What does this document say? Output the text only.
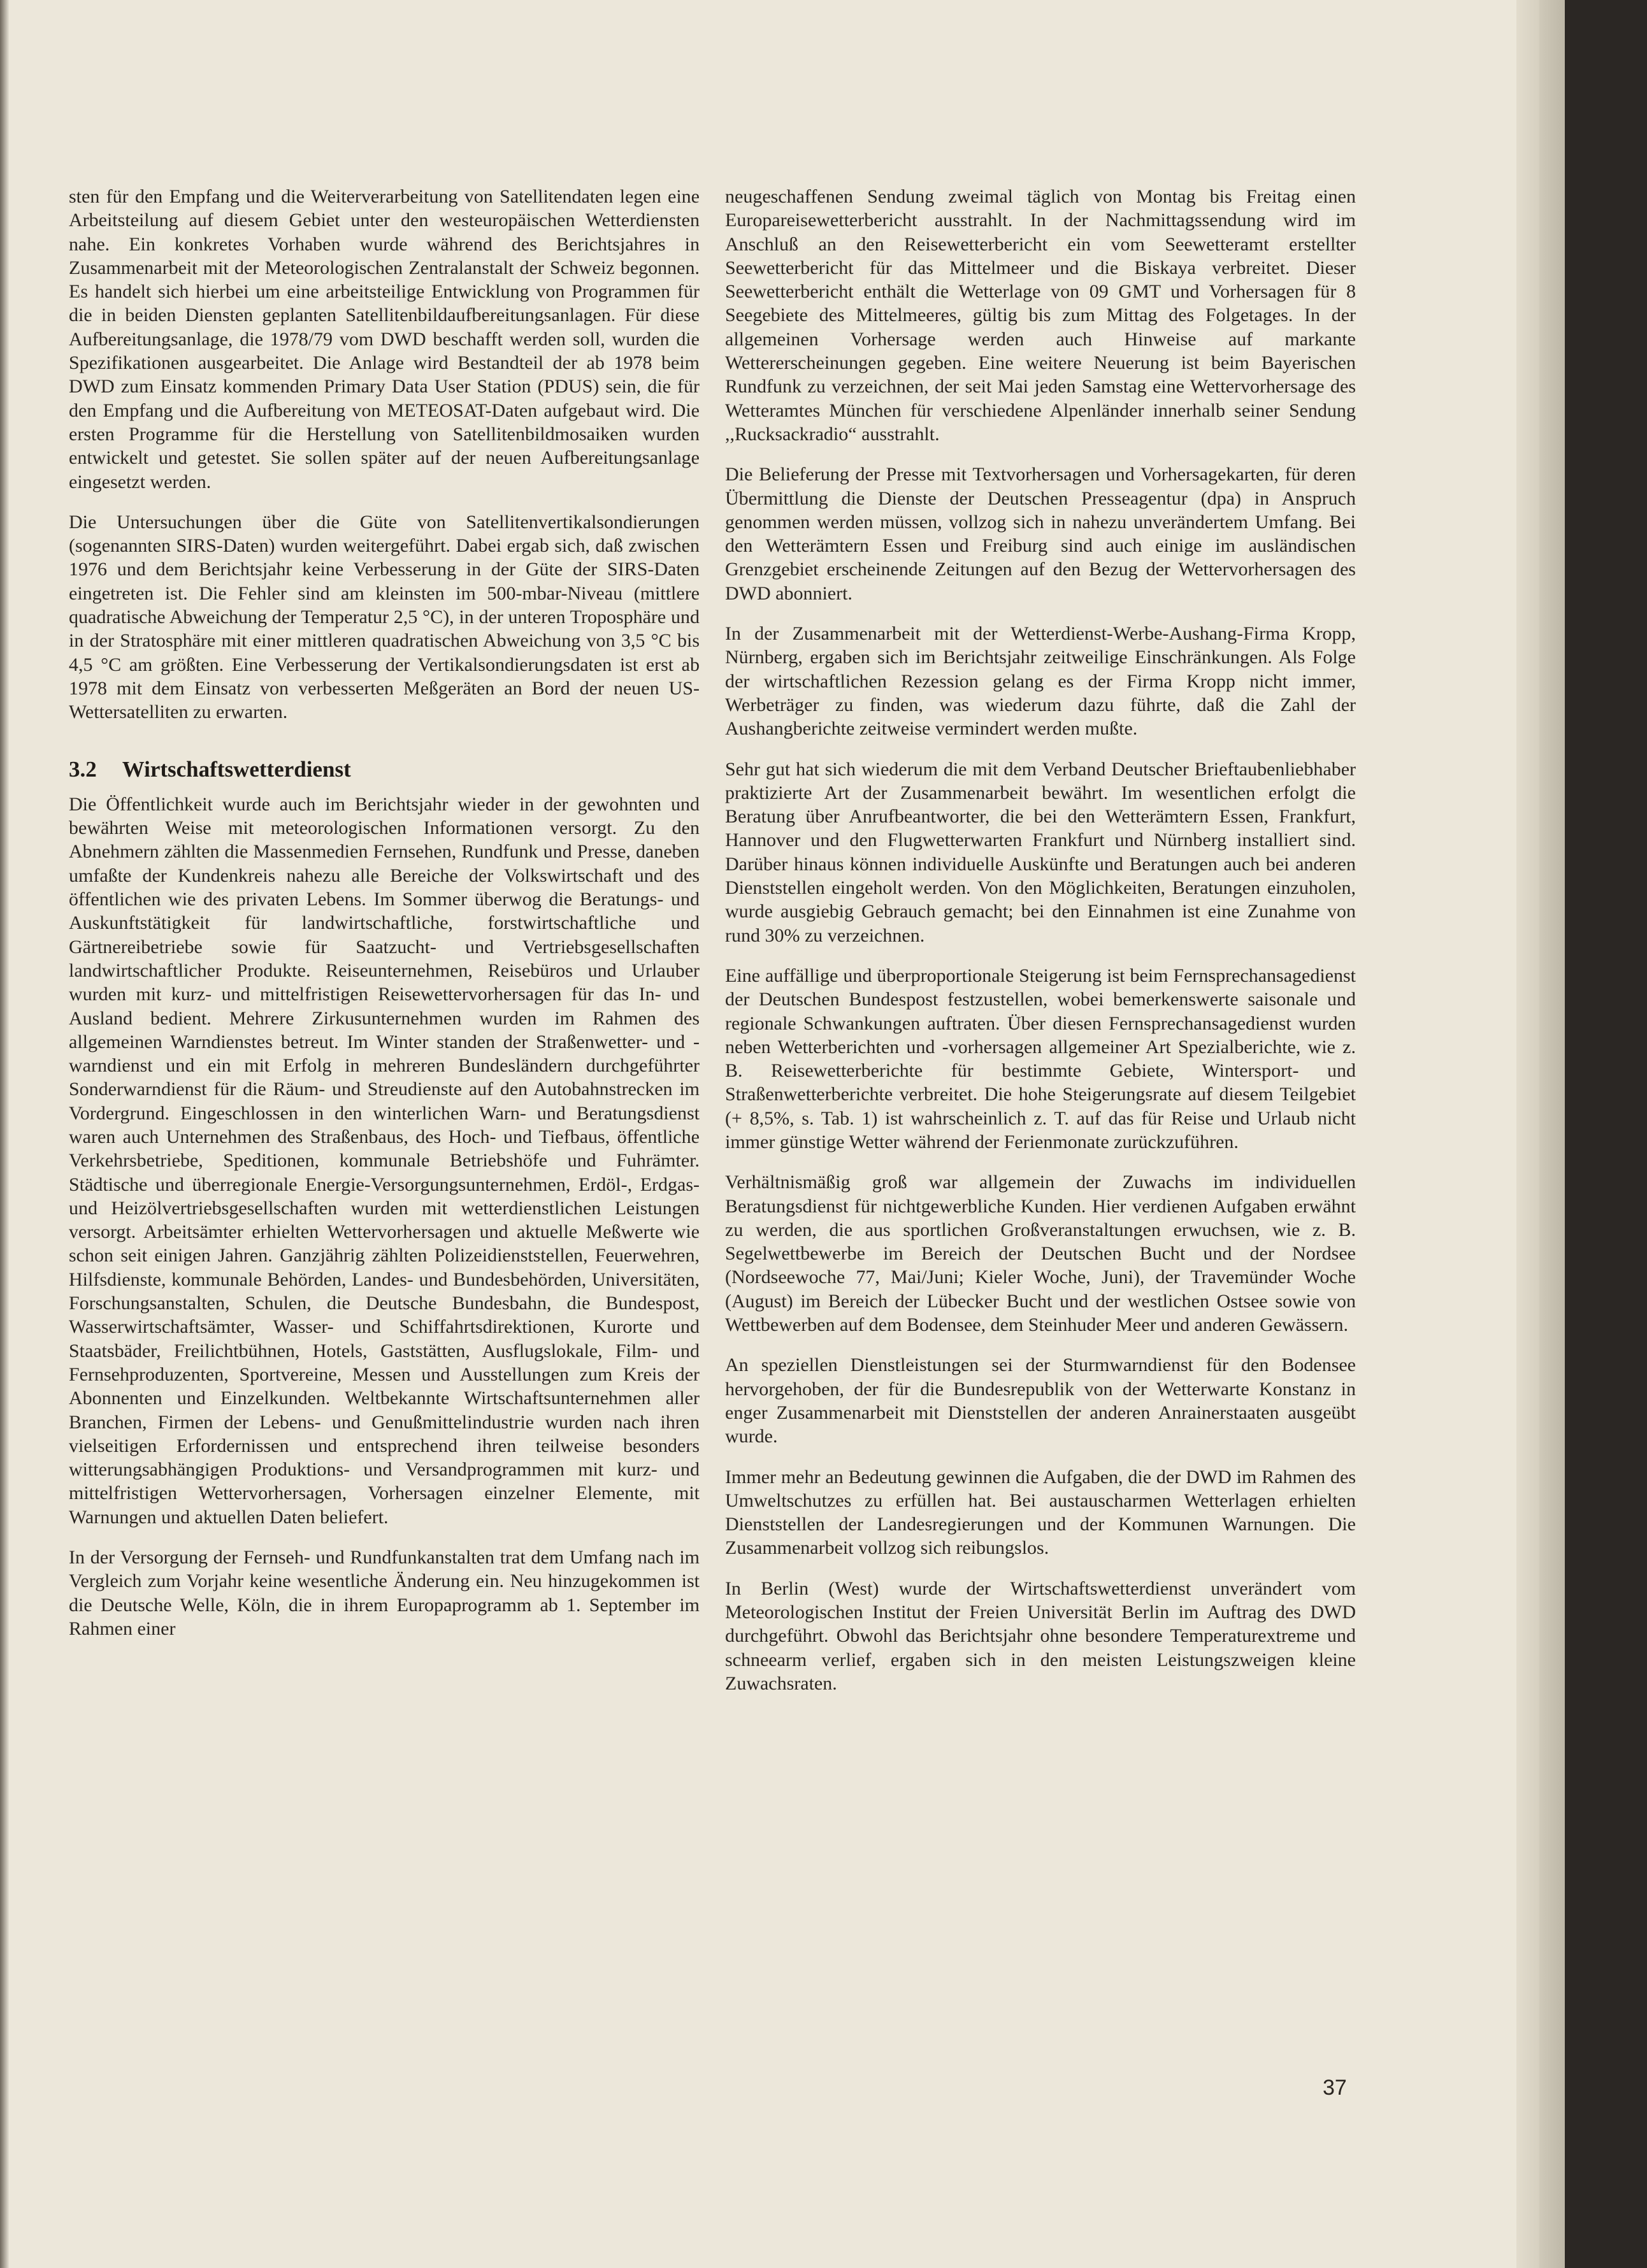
sten für den Empfang und die Weiterverarbeitung von Satellitendaten legen eine Arbeitsteilung auf diesem Gebiet unter den westeuropäischen Wetterdiensten nahe. Ein konkretes Vorhaben wurde während des Berichtsjahres in Zusammenarbeit mit der Meteorologischen Zentralanstalt der Schweiz begonnen. Es handelt sich hierbei um eine arbeitsteilige Entwicklung von Programmen für die in beiden Diensten geplanten Satellitenbildaufbereitungsanlagen. Für diese Aufbereitungsanlage, die 1978/79 vom DWD beschafft werden soll, wurden die Spezifikationen ausgearbeitet. Die Anlage wird Bestandteil der ab 1978 beim DWD zum Einsatz kommenden Primary Data User Station (PDUS) sein, die für den Empfang und die Aufbereitung von METEOSAT-Daten aufgebaut wird. Die ersten Programme für die Herstellung von Satellitenbildmosaiken wurden entwickelt und getestet. Sie sollen später auf der neuen Aufbereitungsanlage eingesetzt werden.

Die Untersuchungen über die Güte von Satellitenvertikalsondierungen (sogenannten SIRS-Daten) wurden weitergeführt. Dabei ergab sich, daß zwischen 1976 und dem Berichtsjahr keine Verbesserung in der Güte der SIRS-Daten eingetreten ist. Die Fehler sind am kleinsten im 500-mbar-Niveau (mittlere quadratische Abweichung der Temperatur 2,5 °C), in der unteren Troposphäre und in der Stratosphäre mit einer mittleren quadratischen Abweichung von 3,5 °C bis 4,5 °C am größten. Eine Verbesserung der Vertikalsondierungsdaten ist erst ab 1978 mit dem Einsatz von verbesserten Meßgeräten an Bord der neuen US-Wettersatelliten zu erwarten.

3.2 Wirtschaftswetterdienst

Die Öffentlichkeit wurde auch im Berichtsjahr wieder in der gewohnten und bewährten Weise mit meteorologischen Informationen versorgt. Zu den Abnehmern zählten die Massenmedien Fernsehen, Rundfunk und Presse, daneben umfaßte der Kundenkreis nahezu alle Bereiche der Volkswirtschaft und des öffentlichen wie des privaten Lebens. Im Sommer überwog die Beratungs- und Auskunftstätigkeit für landwirtschaftliche, forstwirtschaftliche und Gärtnereibetriebe sowie für Saatzucht- und Vertriebsgesellschaften landwirtschaftlicher Produkte. Reiseunternehmen, Reisebüros und Urlauber wurden mit kurz- und mittelfristigen Reisewettervorhersagen für das In- und Ausland bedient. Mehrere Zirkusunternehmen wurden im Rahmen des allgemeinen Warndienstes betreut. Im Winter standen der Straßenwetter- und -warndienst und ein mit Erfolg in mehreren Bundesländern durchgeführter Sonderwarndienst für die Räum- und Streudienste auf den Autobahnstrecken im Vordergrund. Eingeschlossen in den winterlichen Warn- und Beratungsdienst waren auch Unternehmen des Straßenbaus, des Hoch- und Tiefbaus, öffentliche Verkehrsbetriebe, Speditionen, kommunale Betriebshöfe und Fuhrämter. Städtische und überregionale Energie-Versorgungsunternehmen, Erdöl-, Erdgas- und Heizölvertriebsgesellschaften wurden mit wetterdienstlichen Leistungen versorgt. Arbeitsämter erhielten Wettervorhersagen und aktuelle Meßwerte wie schon seit einigen Jahren. Ganzjährig zählten Polizeidienststellen, Feuerwehren, Hilfsdienste, kommunale Behörden, Landes- und Bundesbehörden, Universitäten, Forschungsanstalten, Schulen, die Deutsche Bundesbahn, die Bundespost, Wasserwirtschaftsämter, Wasser- und Schiffahrtsdirektionen, Kurorte und Staatsbäder, Freilichtbühnen, Hotels, Gaststätten, Ausflugslokale, Film- und Fernsehproduzenten, Sportvereine, Messen und Ausstellungen zum Kreis der Abonnenten und Einzelkunden. Weltbekannte Wirtschaftsunternehmen aller Branchen, Firmen der Lebens- und Genußmittelindustrie wurden nach ihren vielseitigen Erfordernissen und entsprechend ihren teilweise besonders witterungsabhängigen Produktions- und Versandprogrammen mit kurz- und mittelfristigen Wettervorhersagen, Vorhersagen einzelner Elemente, mit Warnungen und aktuellen Daten beliefert.

In der Versorgung der Fernseh- und Rundfunkanstalten trat dem Umfang nach im Vergleich zum Vorjahr keine wesentliche Änderung ein. Neu hinzugekommen ist die Deutsche Welle, Köln, die in ihrem Europaprogramm ab 1. September im Rahmen einer

neugeschaffenen Sendung zweimal täglich von Montag bis Freitag einen Europareisewetterbericht ausstrahlt. In der Nachmittagssendung wird im Anschluß an den Reisewetterbericht ein vom Seewetteramt erstellter Seewetterbericht für das Mittelmeer und die Biskaya verbreitet. Dieser Seewetterbericht enthält die Wetterlage von 09 GMT und Vorhersagen für 8 Seegebiete des Mittelmeeres, gültig bis zum Mittag des Folgetages. In der allgemeinen Vorhersage werden auch Hinweise auf markante Wettererscheinungen gegeben. Eine weitere Neuerung ist beim Bayerischen Rundfunk zu verzeichnen, der seit Mai jeden Samstag eine Wettervorhersage des Wetteramtes München für verschiedene Alpenländer innerhalb seiner Sendung ,,Rucksackradio“ ausstrahlt.

Die Belieferung der Presse mit Textvorhersagen und Vorhersagekarten, für deren Übermittlung die Dienste der Deutschen Presseagentur (dpa) in Anspruch genommen werden müssen, vollzog sich in nahezu unverändertem Umfang. Bei den Wetterämtern Essen und Freiburg sind auch einige im ausländischen Grenzgebiet erscheinende Zeitungen auf den Bezug der Wettervorhersagen des DWD abonniert.

In der Zusammenarbeit mit der Wetterdienst-Werbe-Aushang-Firma Kropp, Nürnberg, ergaben sich im Berichtsjahr zeitweilige Einschränkungen. Als Folge der wirtschaftlichen Rezession gelang es der Firma Kropp nicht immer, Werbeträger zu finden, was wiederum dazu führte, daß die Zahl der Aushangberichte zeitweise vermindert werden mußte.

Sehr gut hat sich wiederum die mit dem Verband Deutscher Brieftaubenliebhaber praktizierte Art der Zusammenarbeit bewährt. Im wesentlichen erfolgt die Beratung über Anrufbeantworter, die bei den Wetterämtern Essen, Frankfurt, Hannover und den Flugwetterwarten Frankfurt und Nürnberg installiert sind. Darüber hinaus können individuelle Auskünfte und Beratungen auch bei anderen Dienststellen eingeholt werden. Von den Möglichkeiten, Beratungen einzuholen, wurde ausgiebig Gebrauch gemacht; bei den Einnahmen ist eine Zunahme von rund 30% zu verzeichnen.

Eine auffällige und überproportionale Steigerung ist beim Fernsprechansagedienst der Deutschen Bundespost festzustellen, wobei bemerkenswerte saisonale und regionale Schwankungen auftraten. Über diesen Fernsprechansagedienst wurden neben Wetterberichten und -vorhersagen allgemeiner Art Spezialberichte, wie z. B. Reisewetterberichte für bestimmte Gebiete, Wintersport- und Straßenwetterberichte verbreitet. Die hohe Steigerungsrate auf diesem Teilgebiet (+ 8,5%, s. Tab. 1) ist wahrscheinlich z. T. auf das für Reise und Urlaub nicht immer günstige Wetter während der Ferienmonate zurückzuführen.

Verhältnismäßig groß war allgemein der Zuwachs im individuellen Beratungsdienst für nichtgewerbliche Kunden. Hier verdienen Aufgaben erwähnt zu werden, die aus sportlichen Großveranstaltungen erwuchsen, wie z. B. Segelwettbewerbe im Bereich der Deutschen Bucht und der Nordsee (Nordseewoche 77, Mai/Juni; Kieler Woche, Juni), der Travemünder Woche (August) im Bereich der Lübecker Bucht und der westlichen Ostsee sowie von Wettbewerben auf dem Bodensee, dem Steinhuder Meer und anderen Gewässern.

An speziellen Dienstleistungen sei der Sturmwarndienst für den Bodensee hervorgehoben, der für die Bundesrepublik von der Wetterwarte Konstanz in enger Zusammenarbeit mit Dienststellen der anderen Anrainerstaaten ausgeübt wurde.

Immer mehr an Bedeutung gewinnen die Aufgaben, die der DWD im Rahmen des Umweltschutzes zu erfüllen hat. Bei austauscharmen Wetterlagen erhielten Dienststellen der Landesregierungen und der Kommunen Warnungen. Die Zusammenarbeit vollzog sich reibungslos.

In Berlin (West) wurde der Wirtschaftswetterdienst unverändert vom Meteorologischen Institut der Freien Universität Berlin im Auftrag des DWD durchgeführt. Obwohl das Berichtsjahr ohne besondere Temperaturextreme und schneearm verlief, ergaben sich in den meisten Leistungszweigen kleine Zuwachsraten.

37
